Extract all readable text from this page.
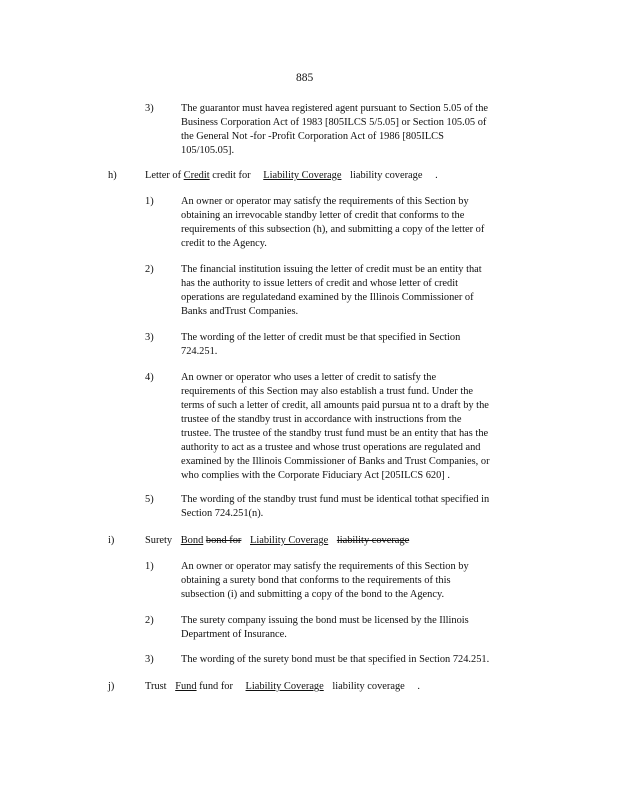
885
3)	The guarantor must havea registered agent pursuant to Section 5.05 of the
Business Corporation Act of 1983 [805ILCS 5/5.05] or Section 105.05 of
the General Not -for -Profit Corporation Act of 1986 [805ILCS
105/105.05].
h)	Letter of Credit credit for Liability Coverage liability coverage .
1)	An owner or operator may satisfy the requirements of this Section by
obtaining an irrevocable standby letter of credit that conforms to the
requirements of this subsection (h), and submitting a copy of the letter of
credit to the Agency.
2)	The financial institution issuing the letter of credit must be an entity that
has the authority to issue letters of credit and whose letter of credit
operations are regulatedand examined by the Illinois Commissioner of
Banks andTrust Companies.
3)	The wording of the letter of credit must be that specified in Section
724.251.
4)	An owner or operator who uses a letter of credit to satisfy the
requirements of this Section may also establish a trust fund. Under the
terms of such a letter of credit, all amounts paid pursua nt to a draft by the
trustee of the standby trust in accordance with instructions from the
trustee. The trustee of the standby trust fund must be an entity that has the
authority to act as a trustee and whose trust operations are regulated and
examined by the Illinois Commissioner of Banks and Trust Companies, or
who complies with the Corporate Fiduciary Act [205ILCS 620] .
5)	The wording of the standby trust fund must be identical tothat specified in
Section 724.251(n).
i)	Surety Bond bond for Liability Coverage liability coverage
1)	An owner or operator may satisfy the requirements of this Section by
obtaining a surety bond that conforms to the requirements of this
subsection (i) and submitting a copy of the bond to the Agency.
2)	The surety company issuing the bond must be licensed by the Illinois
Department of Insurance.
3)	The wording of the surety bond must be that specified in Section 724.251.
j)	Trust Fund fund for Liability Coverage liability coverage .
